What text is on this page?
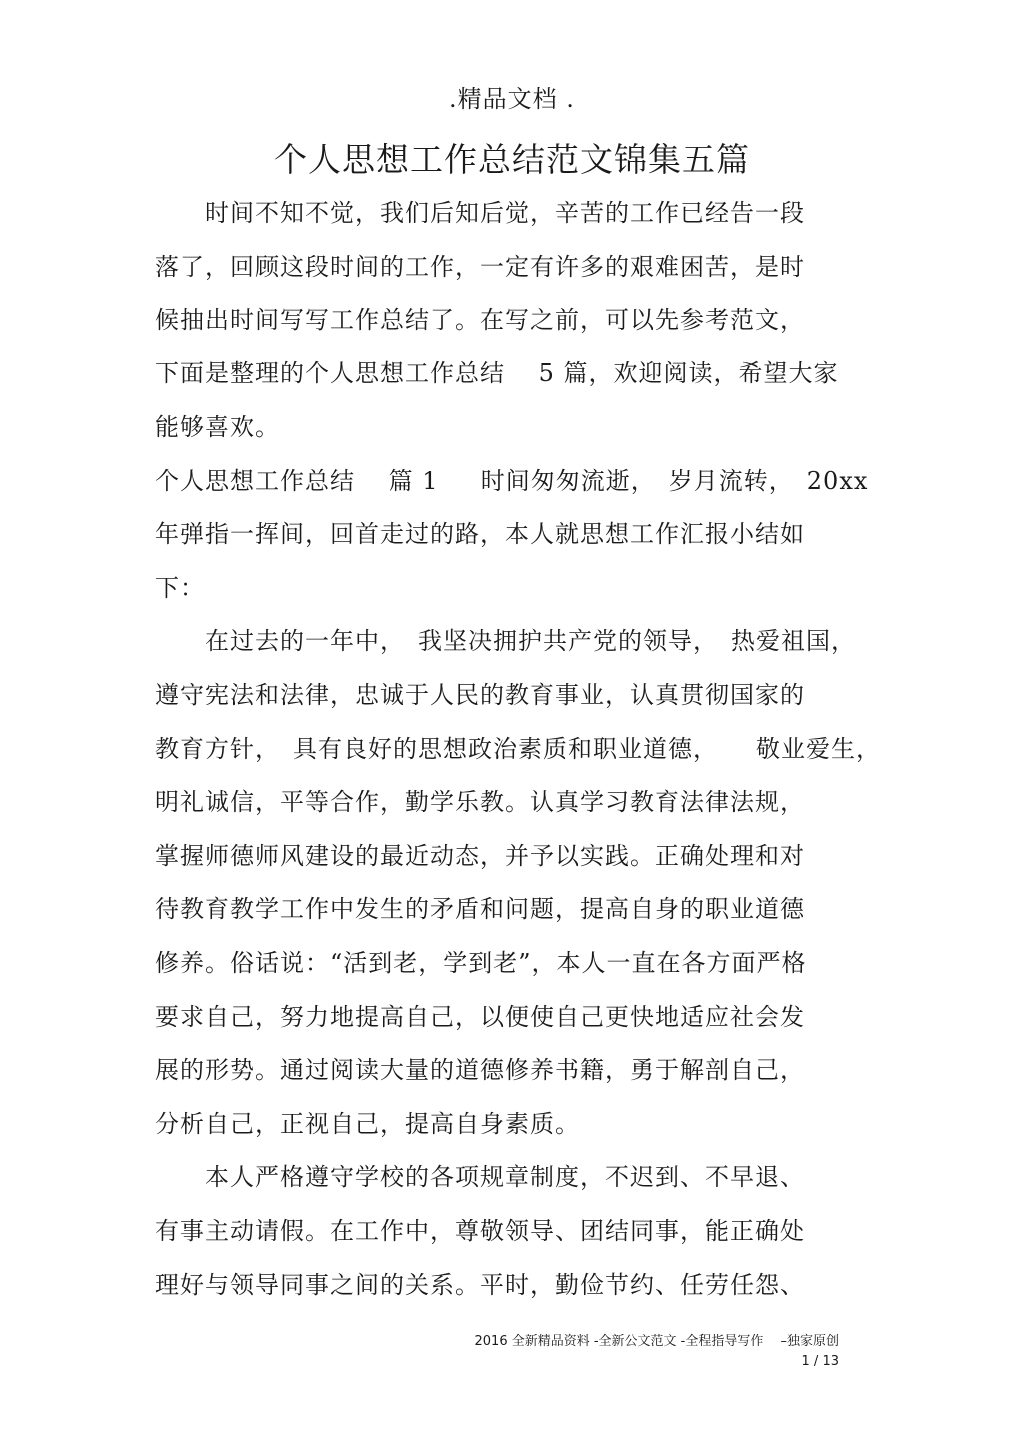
.精品文档 .
个人思想工作总结范文锦集五篇
　　时间不知不觉，我们后知后觉，辛苦的工作已经告一段
落了，回顾这段时间的工作，一定有许多的艰难困苦，是时
候抽出时间写写工作总结了。在写之前，可以先参考范文，
下面是整理的个人思想工作总结　 5 篇，欢迎阅读，希望大家
能够喜欢。
个人思想工作总结　 篇 1 　 时间匆匆流逝，　岁月流转，　20xx
年弹指一挥间，回首走过的路，本人就思想工作汇报小结如
下：
　　在过去的一年中，　我坚决拥护共产党的领导，　热爱祖国，
遵守宪法和法律，忠诚于人民的教育事业，认真贯彻国家的
教育方针，　具有良好的思想政治素质和职业道德，　　敬业爱生，
明礼诚信，平等合作，勤学乐教。认真学习教育法律法规，
掌握师德师风建设的最近动态，并予以实践。正确处理和对
待教育教学工作中发生的矛盾和问题，提高自身的职业道德
修养。俗话说：“活到老，学到老”，本人一直在各方面严格
要求自己，努力地提高自己，以便使自己更快地适应社会发
展的形势。通过阅读大量的道德修养书籍，勇于解剖自己，
分析自己，正视自己，提高自身素质。
　　本人严格遵守学校的各项规章制度，不迟到、不早退、
有事主动请假。在工作中，尊敬领导、团结同事，能正确处
理好与领导同事之间的关系。平时，勤俭节约、任劳任怨、
2016 全新精品资料 -全新公文范文 -全程指导写作　 –独家原创
1 / 13
